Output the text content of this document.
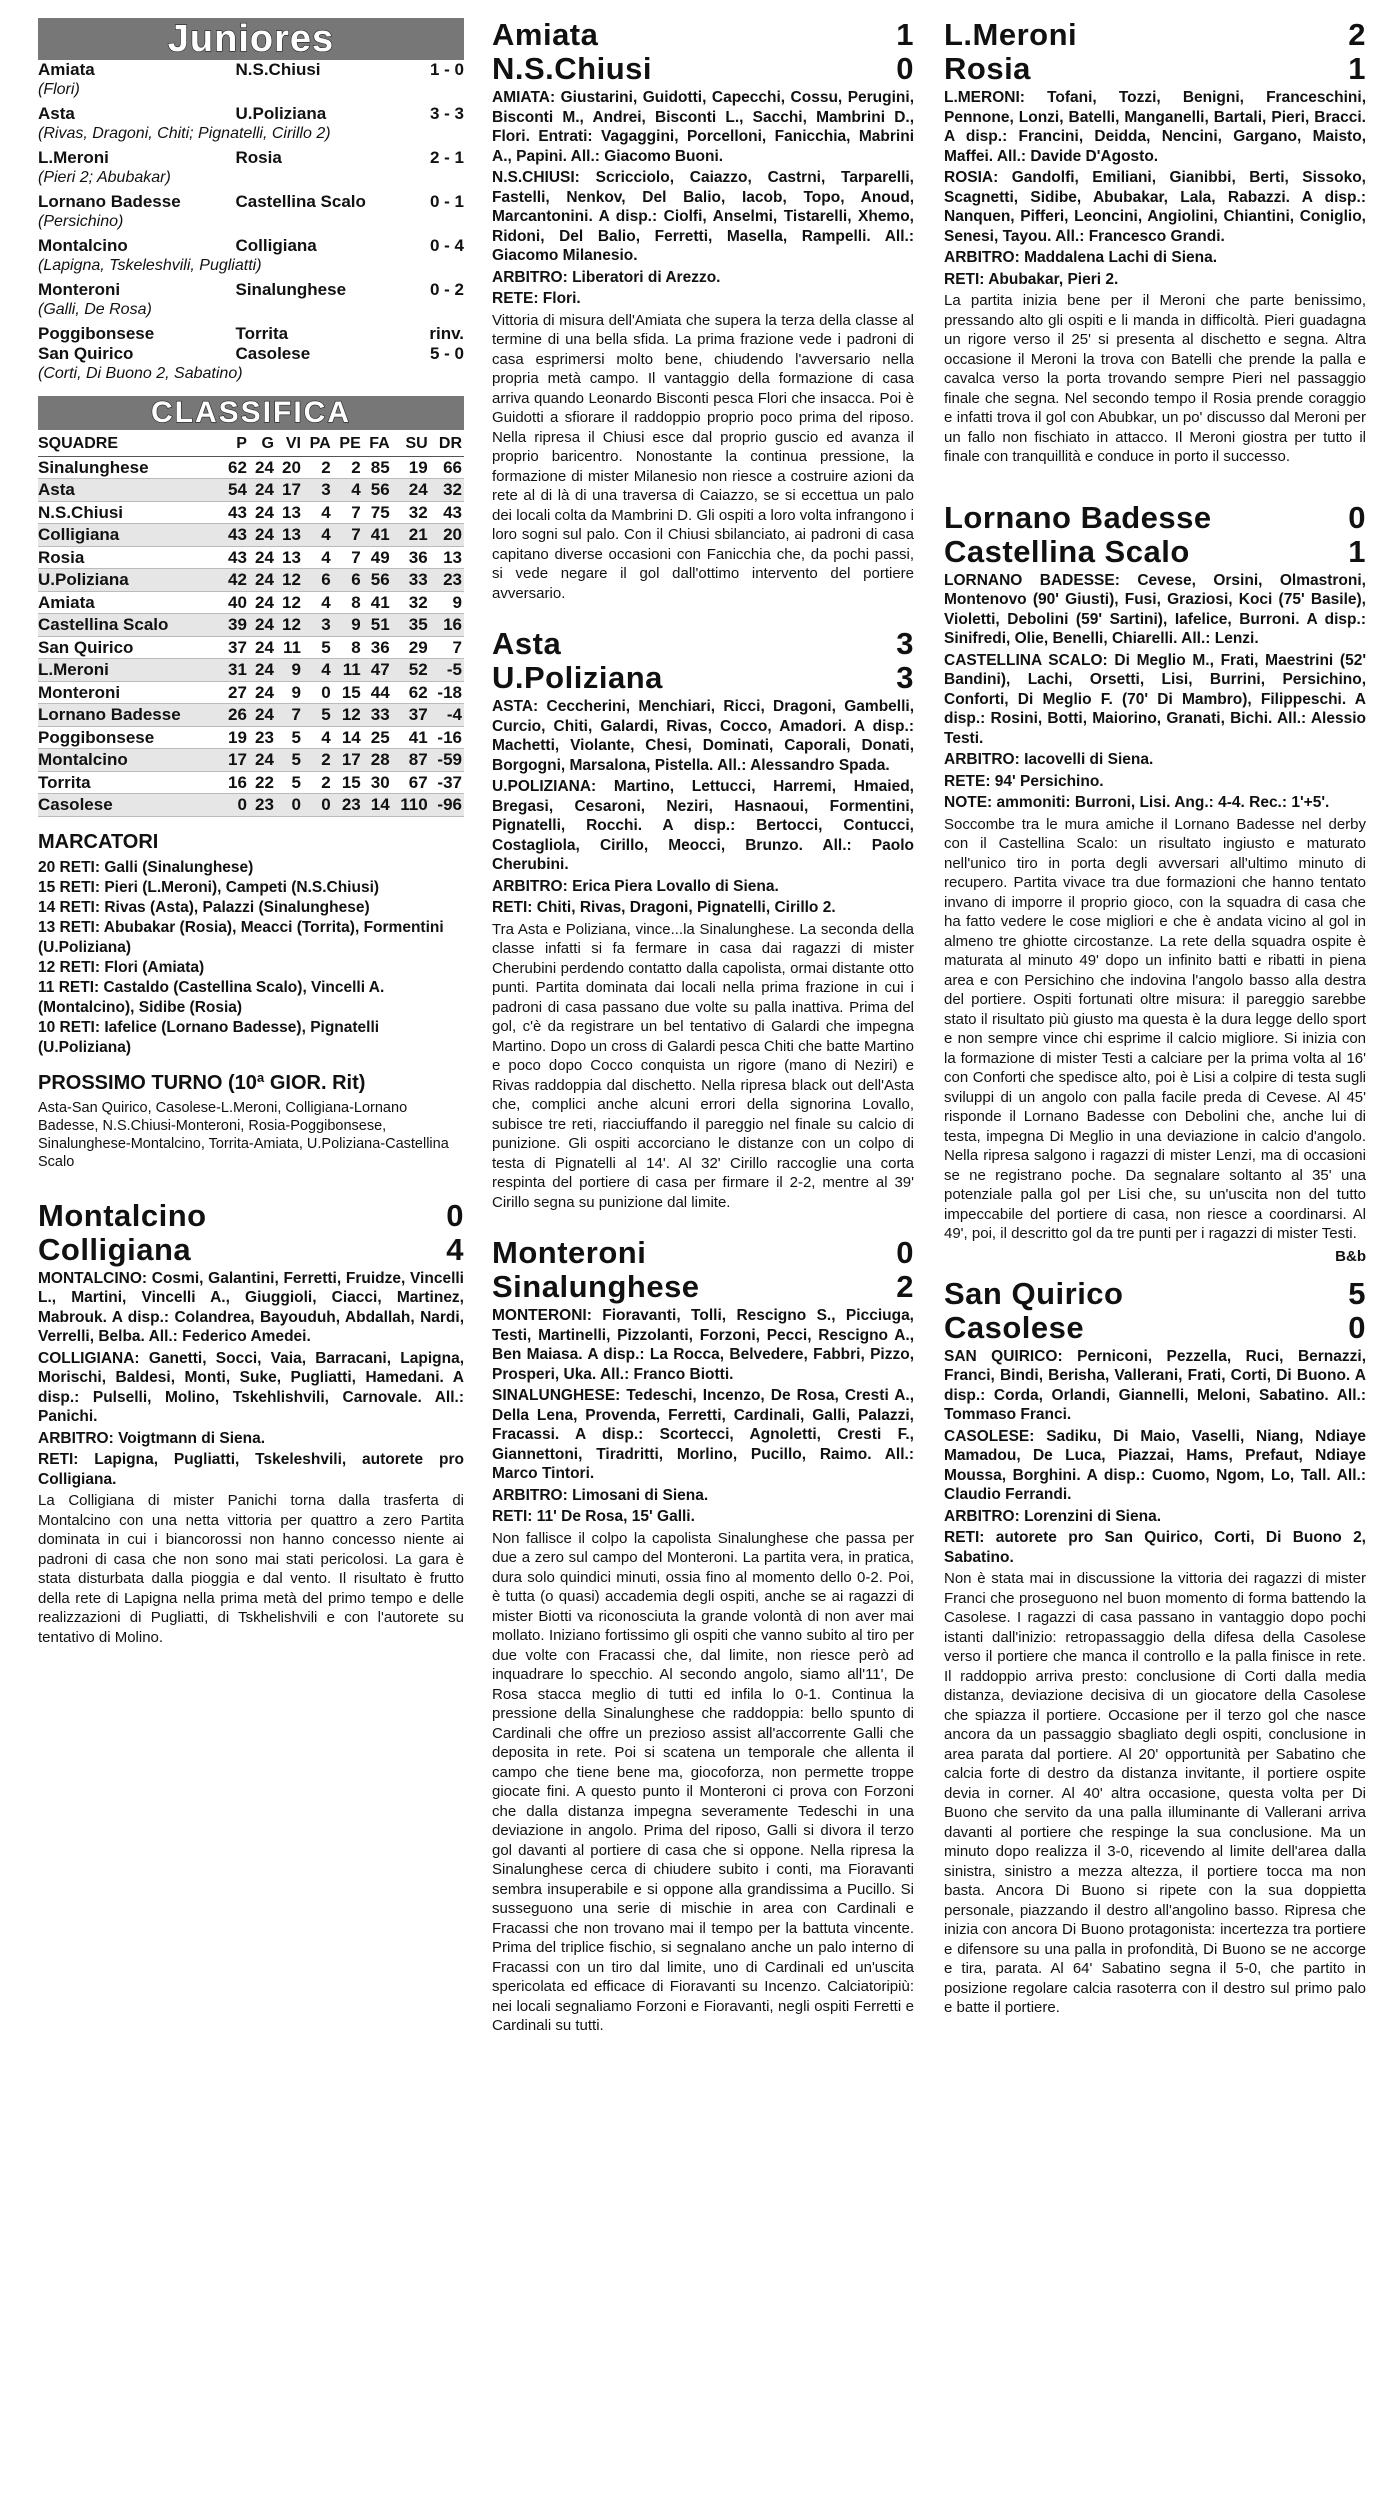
Juniores
Amiata	N.S.Chiusi	1 - 0
(Flori)		
Asta	U.Poliziana	3 - 3
(Rivas, Dragoni, Chiti; Pignatelli, Cirillo 2)		
L.Meroni	Rosia	2 - 1
(Pieri 2; Abubakar)		
Lornano Badesse	Castellina Scalo	0 - 1
(Persichino)		
Montalcino	Colligiana	0 - 4
(Lapigna, Tskeleshvili, Pugliatti)		
Monteroni	Sinalunghese	0 - 2
(Galli, De Rosa)		
Poggibonsese	Torrita	rinv.
San Quirico	Casolese	5 - 0
(Corti, Di Buono 2, Sabatino)		
CLASSIFICA
SQUADRE	P	G	VI	PA	PE	FA	SU	DR
Sinalunghese	62	24	20	2	2	85	19	66
Asta	54	24	17	3	4	56	24	32
N.S.Chiusi	43	24	13	4	7	75	32	43
Colligiana	43	24	13	4	7	41	21	20
Rosia	43	24	13	4	7	49	36	13
U.Poliziana	42	24	12	6	6	56	33	23
Amiata	40	24	12	4	8	41	32	9
Castellina Scalo	39	24	12	3	9	51	35	16
San Quirico	37	24	11	5	8	36	29	7
L.Meroni	31	24	9	4	11	47	52	-5
Monteroni	27	24	9	0	15	44	62	-18
Lornano Badesse	26	24	7	5	12	33	37	-4
Poggibonsese	19	23	5	4	14	25	41	-16
Montalcino	17	24	5	2	17	28	87	-59
Torrita	16	22	5	2	15	30	67	-37
Casolese	0	23	0	0	23	14	110	-96
MARCATORI
20 RETI: Galli (Sinalunghese)
15 RETI: Pieri (L.Meroni), Campeti (N.S.Chiusi)
14 RETI: Rivas (Asta), Palazzi (Sinalunghese)
13 RETI: Abubakar (Rosia), Meacci (Torrita), Formentini (U.Poliziana)
12 RETI: Flori (Amiata)
11 RETI: Castaldo (Castellina Scalo), Vincelli A. (Montalcino), Sidibe (Rosia)
10 RETI: Iafelice (Lornano Badesse), Pignatelli (U.Poliziana)
PROSSIMO TURNO (10ª GIOR. Rit)
Asta-San Quirico, Casolese-L.Meroni, Colligiana-Lornano Badesse, N.S.Chiusi-Monteroni, Rosia-Poggibonsese, Sinalunghese-Montalcino, Torrita-Amiata, U.Poliziana-Castellina Scalo
Montalcino	0
Colligiana	4

MONTALCINO: Cosmi, Galantini, Ferretti, Fruidze, Vincelli L., Martini, Vincelli A., Giuggioli, Ciacci, Martinez, Mabrouk. A disp.: Colandrea, Bayouduh, Abdallah, Nardi, Verrelli, Belba. All.: Federico Amedei.

COLLIGIANA: Ganetti, Socci, Vaia, Barracani, Lapigna, Morischi, Baldesi, Monti, Suke, Pugliatti, Hamedani. A disp.: Pulselli, Molino, Tskehlishvili, Carnovale. All.: Panichi.

ARBITRO: Voigtmann di Siena.

RETI: Lapigna, Pugliatti, Tskeleshvili, autorete pro Colligiana.

La Colligiana di mister Panichi torna dalla trasferta di Montalcino con una netta vittoria per quattro a zero Partita dominata in cui i biancorossi non hanno concesso niente ai padroni di casa che non sono mai stati pericolosi. La gara è stata disturbata dalla pioggia e dal vento. Il risultato è frutto della rete di Lapigna nella prima metà del primo tempo e delle realizzazioni di Pugliatti, di Tskhelishvili e con l'autorete su tentativo di Molino.

Amiata	1
N.S.Chiusi	0

AMIATA: Giustarini, Guidotti, Capecchi, Cossu, Perugini, Bisconti M., Andrei, Bisconti L., Sacchi, Mambrini D., Flori. Entrati: Vagaggini, Porcelloni, Fanicchia, Mabrini A., Papini. All.: Giacomo Buoni.

N.S.CHIUSI: Scricciolo, Caiazzo, Castrni, Tarparelli, Fastelli, Nenkov, Del Balio, Iacob, Topo, Anoud, Marcantonini. A disp.: Ciolfi, Anselmi, Tistarelli, Xhemo, Ridoni, Del Balio, Ferretti, Masella, Rampelli. All.: Giacomo Milanesio.

ARBITRO: Liberatori di Arezzo.

RETE: Flori.

Vittoria di misura dell'Amiata che supera la terza della classe al termine di una bella sfida. La prima frazione vede i padroni di casa esprimersi molto bene, chiudendo l'avversario nella propria metà campo. Il vantaggio della formazione di casa arriva quando Leonardo Bisconti pesca Flori che insacca. Poi è Guidotti a sfiorare il raddoppio proprio poco prima del riposo. Nella ripresa il Chiusi esce dal proprio guscio ed avanza il proprio baricentro. Nonostante la continua pressione, la formazione di mister Milanesio non riesce a costruire azioni da rete al di là di una traversa di Caiazzo, se si eccettua un palo dei locali colta da Mambrini D. Gli ospiti a loro volta infrangono i loro sogni sul palo. Con il Chiusi sbilanciato, ai padroni di casa capitano diverse occasioni con Fanicchia che, da pochi passi, si vede negare il gol dall'ottimo intervento del portiere avversario.

Asta	3
U.Poliziana	3

ASTA: Ceccherini, Menchiari, Ricci, Dragoni, Gambelli, Curcio, Chiti, Galardi, Rivas, Cocco, Amadori. A disp.: Machetti, Violante, Chesi, Dominati, Caporali, Donati, Borgogni, Marsalona, Pistella. All.: Alessandro Spada.

U.POLIZIANA: Martino, Lettucci, Harremi, Hmaied, Bregasi, Cesaroni, Neziri, Hasnaoui, Formentini, Pignatelli, Rocchi. A disp.: Bertocci, Contucci, Costagliola, Cirillo, Meocci, Brunzo. All.: Paolo Cherubini.

ARBITRO: Erica Piera Lovallo di Siena.

RETI: Chiti, Rivas, Dragoni, Pignatelli, Cirillo 2.

Tra Asta e Poliziana, vince...la Sinalunghese. La seconda della classe infatti si fa fermare in casa dai ragazzi di mister Cherubini perdendo contatto dalla capolista, ormai distante otto punti. Partita dominata dai locali nella prima frazione in cui i padroni di casa passano due volte su palla inattiva. Prima del gol, c'è da registrare un bel tentativo di Galardi che impegna Martino. Dopo un cross di Galardi pesca Chiti che batte Martino e poco dopo Cocco conquista un rigore (mano di Neziri) e Rivas raddoppia dal dischetto. Nella ripresa black out dell'Asta che, complici anche alcuni errori della signorina Lovallo, subisce tre reti, riacciuffando il pareggio nel finale su calcio di punizione. Gli ospiti accorciano le distanze con un colpo di testa di Pignatelli al 14'. Al 32' Cirillo raccoglie una corta respinta del portiere di casa per firmare il 2-2, mentre al 39' Cirillo segna su punizione dal limite.

Monteroni	0
Sinalunghese	2

MONTERONI: Fioravanti, Tolli, Rescigno S., Picciuga, Testi, Martinelli, Pizzolanti, Forzoni, Pecci, Rescigno A., Ben Maiasa. A disp.: La Rocca, Belvedere, Fabbri, Pizzo, Prosperi, Uka. All.: Franco Biotti.

SINALUNGHESE: Tedeschi, Incenzo, De Rosa, Cresti A., Della Lena, Provenda, Ferretti, Cardinali, Galli, Palazzi, Fracassi. A disp.: Scortecci, Agnoletti, Cresti F., Giannettoni, Tiradritti, Morlino, Pucillo, Raimo. All.: Marco Tintori.

ARBITRO: Limosani di Siena.

RETI: 11' De Rosa, 15' Galli.

Non fallisce il colpo la capolista Sinalunghese che passa per due a zero sul campo del Monteroni. La partita vera, in pratica, dura solo quindici minuti, ossia fino al momento dello 0-2. Poi, è tutta (o quasi) accademia degli ospiti, anche se ai ragazzi di mister Biotti va riconosciuta la grande volontà di non aver mai mollato. Iniziano fortissimo gli ospiti che vanno subito al tiro per due volte con Fracassi che, dal limite, non riesce però ad inquadrare lo specchio. Al secondo angolo, siamo all'11', De Rosa stacca meglio di tutti ed infila lo 0-1. Continua la pressione della Sinalunghese che raddoppia: bello spunto di Cardinali che offre un prezioso assist all'accorrente Galli che deposita in rete. Poi si scatena un temporale che allenta il campo che tiene bene ma, giocoforza, non permette troppe giocate fini. A questo punto il Monteroni ci prova con Forzoni che dalla distanza impegna severamente Tedeschi in una deviazione in angolo. Prima del riposo, Galli si divora il terzo gol davanti al portiere di casa che si oppone. Nella ripresa la Sinalunghese cerca di chiudere subito i conti, ma Fioravanti sembra insuperabile e si oppone alla grandissima a Pucillo. Si susseguono una serie di mischie in area con Cardinali e Fracassi che non trovano mai il tempo per la battuta vincente. Prima del triplice fischio, si segnalano anche un palo interno di Fracassi con un tiro dal limite, uno di Cardinali ed un'uscita spericolata ed efficace di Fioravanti su Incenzo. Calciatoripiù: nei locali segnaliamo Forzoni e Fioravanti, negli ospiti Ferretti e Cardinali su tutti.

L.Meroni	2
Rosia	1

L.MERONI: Tofani, Tozzi, Benigni, Franceschini, Pennone, Lonzi, Batelli, Manganelli, Bartali, Pieri, Bracci. A disp.: Francini, Deidda, Nencini, Gargano, Maisto, Maffei. All.: Davide D'Agosto.

ROSIA: Gandolfi, Emiliani, Gianibbi, Berti, Sissoko, Scagnetti, Sidibe, Abubakar, Lala, Rabazzi. A disp.: Nanquen, Pifferi, Leoncini, Angiolini, Chiantini, Coniglio, Senesi, Tayou. All.: Francesco Grandi.

ARBITRO: Maddalena Lachi di Siena.

RETI: Abubakar, Pieri 2.

La partita inizia bene per il Meroni che parte benissimo, pressando alto gli ospiti e li manda in difficoltà. Pieri guadagna un rigore verso il 25' si presenta al dischetto e segna. Altra occasione il Meroni la trova con Batelli che prende la palla e cavalca verso la porta trovando sempre Pieri nel passaggio finale che segna. Nel secondo tempo il Rosia prende coraggio e infatti trova il gol con Abubkar, un po' discusso dal Meroni per un fallo non fischiato in attacco. Il Meroni giostra per tutto il finale con tranquillità e conduce in porto il successo.

Lornano Badesse	0
Castellina Scalo	1

LORNANO BADESSE: Cevese, Orsini, Olmastroni, Montenovo (90' Giusti), Fusi, Graziosi, Koci (75' Basile), Violetti, Debolini (59' Sartini), Iafelice, Burroni. A disp.: Sinifredi, Olie, Benelli, Chiarelli. All.: Lenzi.

CASTELLINA SCALO: Di Meglio M., Frati, Maestrini (52' Bandini), Lachi, Orsetti, Lisi, Burrini, Persichino, Conforti, Di Meglio F. (70' Di Mambro), Filippeschi. A disp.: Rosini, Botti, Maiorino, Granati, Bichi. All.: Alessio Testi.

ARBITRO: Iacovelli di Siena.

RETE: 94' Persichino.

NOTE: ammoniti: Burroni, Lisi. Ang.: 4-4. Rec.: 1'+5'.

Soccombe tra le mura amiche il Lornano Badesse nel derby con il Castellina Scalo: un risultato ingiusto e maturato nell'unico tiro in porta degli avversari all'ultimo minuto di recupero. Partita vivace tra due formazioni che hanno tentato invano di imporre il proprio gioco, con la squadra di casa che ha fatto vedere le cose migliori e che è andata vicino al gol in almeno tre ghiotte circostanze. La rete della squadra ospite è maturata al minuto 49' dopo un infinito batti e ribatti in piena area e con Persichino che indovina l'angolo basso alla destra del portiere. Ospiti fortunati oltre misura: il pareggio sarebbe stato il risultato più giusto ma questa è la dura legge dello sport e non sempre vince chi esprime il calcio migliore. Si inizia con la formazione di mister Testi a calciare per la prima volta al 16' con Conforti che spedisce alto, poi è Lisi a colpire di testa sugli sviluppi di un angolo con palla facile preda di Cevese. Al 45' risponde il Lornano Badesse con Debolini che, anche lui di testa, impegna Di Meglio in una deviazione in calcio d'angolo. Nella ripresa salgono i ragazzi di mister Lenzi, ma di occasioni se ne registrano poche. Da segnalare soltanto al 35' una potenziale palla gol per Lisi che, su un'uscita non del tutto impeccabile del portiere di casa, non riesce a coordinarsi. Al 49', poi, il descritto gol da tre punti per i ragazzi di mister Testi.

B&b
San Quirico	5
Casolese	0

SAN QUIRICO: Perniconi, Pezzella, Ruci, Bernazzi, Franci, Bindi, Berisha, Vallerani, Frati, Corti, Di Buono. A disp.: Corda, Orlandi, Giannelli, Meloni, Sabatino. All.: Tommaso Franci.

CASOLESE: Sadiku, Di Maio, Vaselli, Niang, Ndiaye Mamadou, De Luca, Piazzai, Hams, Prefaut, Ndiaye Moussa, Borghini. A disp.: Cuomo, Ngom, Lo, Tall. All.: Claudio Ferrandi.

ARBITRO: Lorenzini di Siena.

RETI: autorete pro San Quirico, Corti, Di Buono 2, Sabatino.

Non è stata mai in discussione la vittoria dei ragazzi di mister Franci che proseguono nel buon momento di forma battendo la Casolese. I ragazzi di casa passano in vantaggio dopo pochi istanti dall'inizio: retropassaggio della difesa della Casolese verso il portiere che manca il controllo e la palla finisce in rete. Il raddoppio arriva presto: conclusione di Corti dalla media distanza, deviazione decisiva di un giocatore della Casolese che spiazza il portiere. Occasione per il terzo gol che nasce ancora da un passaggio sbagliato degli ospiti, conclusione in area parata dal portiere. Al 20' opportunità per Sabatino che calcia forte di destro da distanza invitante, il portiere ospite devia in corner. Al 40' altra occasione, questa volta per Di Buono che servito da una palla illuminante di Vallerani arriva davanti al portiere che respinge la sua conclusione. Ma un minuto dopo realizza il 3-0, ricevendo al limite dell'area dalla sinistra, sinistro a mezza altezza, il portiere tocca ma non basta. Ancora Di Buono si ripete con la sua doppietta personale, piazzando il destro all'angolino basso. Ripresa che inizia con ancora Di Buono protagonista: incertezza tra portiere e difensore su una palla in profondità, Di Buono se ne accorge e tira, parata. Al 64' Sabatino segna il 5-0, che partito in posizione regolare calcia rasoterra con il destro sul primo palo e batte il portiere.
